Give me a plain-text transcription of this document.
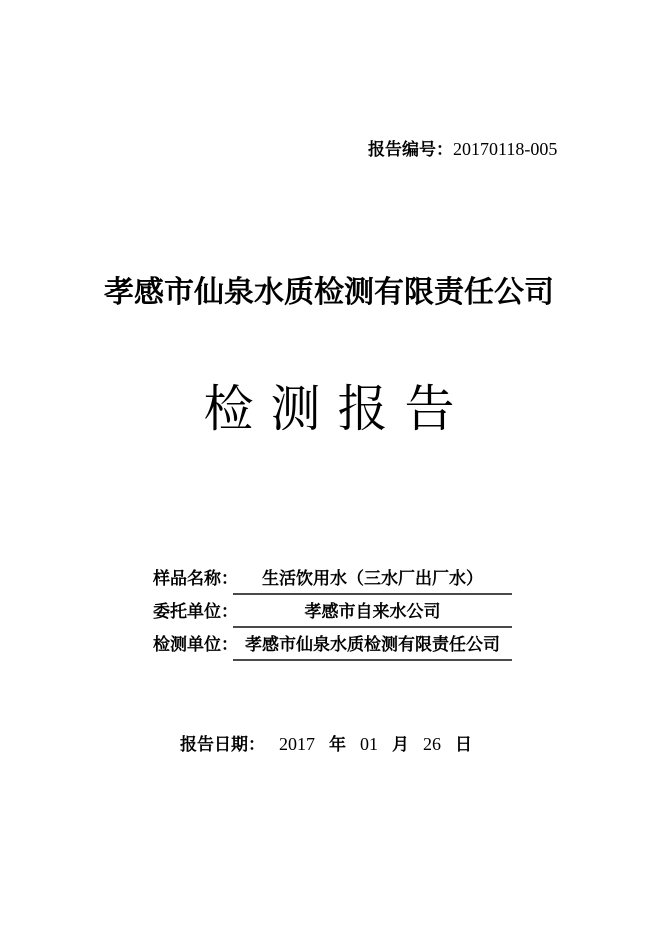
报告编号：20170118-005
孝感市仙泉水质检测有限责任公司
检测报告
样品名称：	生活饮用水（三水厂出厂水）
委托单位：	孝感市自来水公司
检测单位： 孝感市仙泉水质检测有限责任公司
报告日期： 2017 年 01 月 26 日
